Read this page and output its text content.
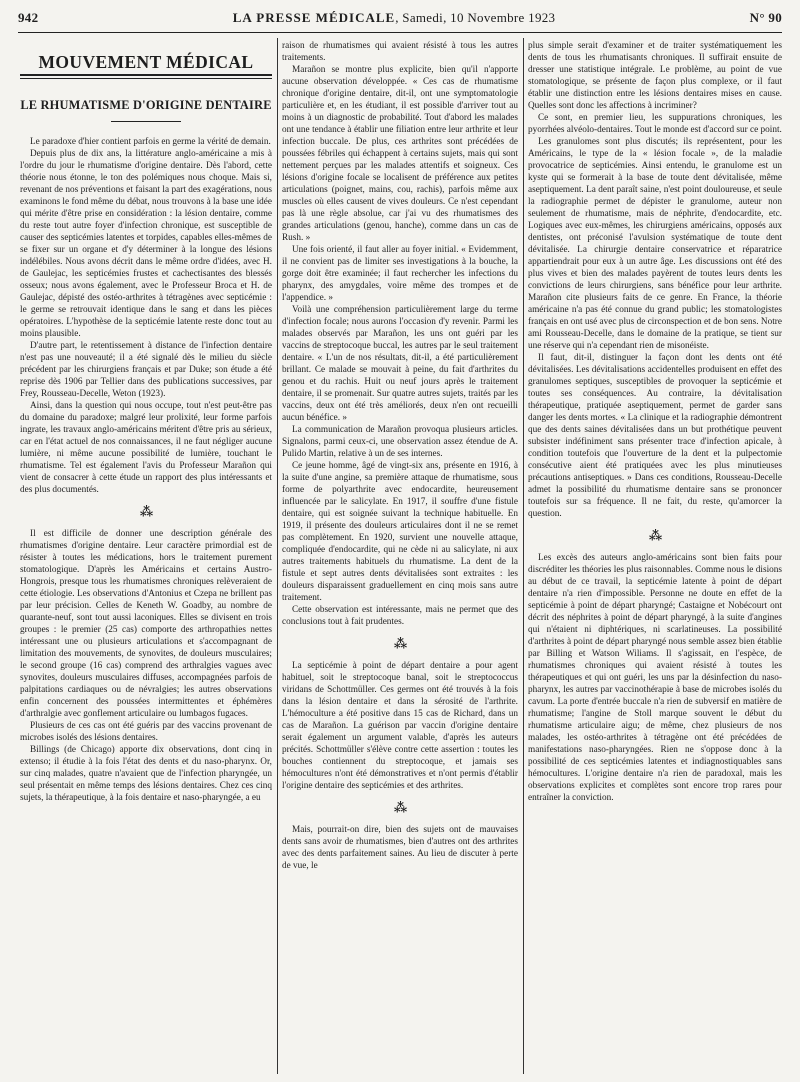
942	LA PRESSE MÉDICALE, Samedi, 10 Novembre 1923	N° 90
MOUVEMENT MÉDICAL
LE RHUMATISME D'ORIGINE DENTAIRE

Le paradoxe d'hier contient parfois en germe la vérité de demain.

Depuis plus de dix ans, la littérature anglo-américaine a mis à l'ordre du jour le rhumatisme d'origine dentaire. Dès l'abord, cette théorie nous étonne, le ton des polémiques nous choque. Mais si, revenant de nos préventions et faisant la part des exagérations, nous examinons le fond même du débat, nous trouvons à la base une idée qui mérite d'être prise en considération : la lésion dentaire, comme du reste tout autre foyer d'infection chronique, est susceptible de causer des septicémies latentes et torpides, capables elles-mêmes de se fixer sur un organe et d'y déterminer à la longue des lésions indélébiles. Nous avons décrit dans le même ordre d'idées, avec H. de Gaulejac, les septicémies frustes et cachectisantes des blessés osseux; nous avons également, avec le Professeur Broca et H. de Gaulejac, dépisté des ostéo-arthrites à tétragènes avec septicémie : le germe se retrouvait identique dans le sang et dans les pièces opératoires. L'hypothèse de la septicémie latente reste donc tout au moins plausible.

D'autre part, le retentissement à distance de l'infection dentaire n'est pas une nouveauté; il a été signalé dès le milieu du siècle précédent par les chirurgiens français et par Duke; son étude a été reprise dès 1906 par Tellier dans des publications successives, par Frey, Rousseau-Decelle, Weton (1923).

Ainsi, dans la question qui nous occupe, tout n'est peut-être pas du domaine du paradoxe; malgré leur prolixité, leur forme parfois ingrate, les travaux anglo-américains méritent d'être pris au sérieux, car en l'état actuel de nos connaissances, il ne faut négliger aucune lumière, ni même aucune possibilité de lumière, touchant le rhumatisme. Tel est également l'avis du Professeur Marañon qui vient de consacrer à cette étude un rapport des plus intéressants et des plus documentés.

⁂

Il est difficile de donner une description générale des rhumatismes d'origine dentaire. Leur caractère primordial est de résister à toutes les médications, hors le traitement purement stomatologique. D'après les Américains et certains Austro-Hongrois, presque tous les rhumatismes chroniques relèveraient de cette étiologie. Les observations d'Antonius et Czepa ne brillent pas par leur précision. Celles de Keneth W. Goadby, au nombre de quarante-neuf, sont tout aussi laconiques. Elles se divisent en trois groupes : le premier (25 cas) comporte des arthropathies nettes intéressant une ou plusieurs articulations et s'accompagnant de limitation des mouvements, de synovites, de douleurs musculaires; le second groupe (16 cas) comprend des arthralgies vagues avec synovites, douleurs musculaires diffuses, accompagnées parfois de palpitations cardiaques ou de névralgies; les autres observations enfin concernent des poussées intermittentes et éphémères d'arthralgie avec gonflement articulaire ou lumbagos fugaces.

Plusieurs de ces cas ont été guéris par des vaccins provenant de microbes isolés des lésions dentaires.

Billings (de Chicago) apporte dix observations, dont cinq in extenso; il étudie à la fois l'état des dents et du naso-pharynx. Or, sur cinq malades, quatre n'avaient que de l'infection pharyngée, un seul présentait en même temps des lésions dentaires. Chez ces cinq sujets, la thérapeutique, à la fois dentaire et naso-pharyngée, a eu

raison de rhumatismes qui avaient résisté à tous les autres traitements.

Marañon se montre plus explicite, bien qu'il n'apporte aucune observation développée. « Ces cas de rhumatisme chronique d'origine dentaire, dit-il, ont une symptomatologie particulière et, en les étudiant, il est possible d'arriver tout au moins à un diagnostic de probabilité. Tout d'abord les malades ont une tendance à établir une filiation entre leur arthrite et leur infection buccale. De plus, ces arthrites sont précédées de poussées fébriles qui échappent à certains sujets, mais qui sont nettement perçues par les malades attentifs et soigneux. Ces lésions d'origine focale se localisent de préférence aux petites articulations (poignet, mains, cou, rachis), parfois même aux muscles où elles causent de vives douleurs. Ce n'est cependant pas là une règle absolue, car j'ai vu des rhumatismes des grandes articulations (genou, hanche), comme dans un cas de Rush. »

Une fois orienté, il faut aller au foyer initial. « Evidemment, il ne convient pas de limiter ses investigations à la bouche, la gorge doit être examinée; il faut rechercher les infections du pharynx, des amygdales, voire même des trompes et de l'appendice. »

Voilà une compréhension particulièrement large du terme d'infection focale; nous aurons l'occasion d'y revenir. Parmi les malades observés par Marañon, les uns ont guéri par les vaccins de streptocoque buccal, les autres par le seul traitement dentaire. « L'un de nos résultats, dit-il, a été particulièrement brillant. Ce malade se mouvait à peine, du fait d'arthrites du genou et du rachis. Huit ou neuf jours après le traitement dentaire, il se promenait. Sur quatre autres sujets, traités par les vaccins, deux ont été très améliorés, deux n'en ont recueilli aucun bénéfice. »

La communication de Marañon provoqua plusieurs articles. Signalons, parmi ceux-ci, une observation assez étendue de A. Pulido Martin, relative à un de ses internes.

Ce jeune homme, âgé de vingt-six ans, présente en 1916, à la suite d'une angine, sa première attaque de rhumatisme, sous forme de polyarthrite avec endocardite, heureusement influencée par le salicylate. En 1917, il souffre d'une fistule dentaire, qui est soignée suivant la technique habituelle. En 1919, il présente des douleurs articulaires dont il ne se remet pas complètement. En 1920, survient une nouvelle attaque, compliquée d'endocardite, qui ne cède ni au salicylate, ni aux autres traitements habituels du rhumatisme. La dent de la fistule et sept autres dents dévitalisées sont extraites : les douleurs disparaissent graduellement en cinq mois sans autre traitement.

Cette observation est intéressante, mais ne permet que des conclusions tout à fait prudentes.

⁂

La septicémie à point de départ dentaire a pour agent habituel, soit le streptocoque banal, soit le streptococcus viridans de Schottmüller. Ces germes ont été trouvés à la fois dans la lésion dentaire et dans la sérosité de l'arthrite. L'hémoculture a été positive dans 15 cas de Richard, dans un cas de Marañon. La guérison par vaccin d'origine dentaire serait également un argument valable, d'après les auteurs précités. Schottmüller s'élève contre cette assertion : toutes les bouches contiennent du streptocoque, et jamais ses hémocultures n'ont été démonstratives et n'ont permis d'établir l'origine dentaire des septicémies et des arthrites.

⁂

Mais, pourrait-on dire, bien des sujets ont de mauvaises dents sans avoir de rhumatismes, bien d'autres ont des arthrites avec des dents parfaitement saines. Au lieu de discuter à perte de vue, le

plus simple serait d'examiner et de traiter systématiquement les dents de tous les rhumatisants chroniques. Il suffirait ensuite de dresser une statistique intégrale. Le problème, au point de vue stomatologique, se présente de façon plus complexe, or il faut établir une distinction entre les lésions dentaires mises en cause. Quelles sont donc les affections à incriminer?

Ce sont, en premier lieu, les suppurations chroniques, les pyorrhées alvéolo-dentaires. Tout le monde est d'accord sur ce point.

Les granulomes sont plus discutés; ils représentent, pour les Américains, le type de la « lésion focale », de la maladie provocatrice de septicémies. Ainsi entendu, le granulome est un kyste qui se formerait à la base de toute dent dévitalisée, même aseptiquement. La dent paraît saine, n'est point douloureuse, et seule la radiographie permet de dépister le granulome, auteur non seulement de rhumatisme, mais de néphrite, d'endocardite, etc. Logiques avec eux-mêmes, les chirurgiens américains, opposés aux dentistes, ont préconisé l'avulsion systématique de toute dent dévitalisée. La chirurgie dentaire conservatrice et réparatrice appartiendrait pour eux à un autre âge. Les discussions ont été des plus vives et bien des malades payèrent de toutes leurs dents les convictions de leurs chirurgiens, sans bénéfice pour leur arthrite. Marañon cite plusieurs faits de ce genre. En France, la théorie américaine n'a pas été connue du grand public; les stomatologistes français en ont usé avec plus de circonspection et de bon sens. Notre ami Rousseau-Decelle, dans le domaine de la pratique, se tient sur une réserve qui n'a cependant rien de misonéiste.

Il faut, dit-il, distinguer la façon dont les dents ont été dévitalisées. Les dévitalisations accidentelles produisent en effet des granulomes septiques, susceptibles de provoquer la septicémie et toutes ses conséquences. Au contraire, la dévitalisation thérapeutique, pratiquée aseptiquement, permet de garder sans danger les dents mortes. « La clinique et la radiographie démontrent que des dents saines dévitalisées dans un but prothétique peuvent subsister indéfiniment sans présenter trace d'infection apicale, à condition toutefois que l'ouverture de la dent et la pulpectomie consécutive aient été pratiquées avec les plus minutieuses précautions antiseptiques. » Dans ces conditions, Rousseau-Decelle admet la possibilité du rhumatisme dentaire sans se prononcer toutefois sur sa fréquence. Il ne fait, du reste, qu'amorcer la question.

⁂

Les excès des auteurs anglo-américains sont bien faits pour discréditer les théories les plus raisonnables. Comme nous le disions au début de ce travail, la septicémie latente à point de départ dentaire n'a rien d'impossible. Personne ne doute en effet de la septicémie à point de départ pharyngé; Castaigne et Nobécourt ont décrit des néphrites à point de départ pharyngé, à la suite d'angines qui n'étaient ni diphtériques, ni scarlatineuses. La possibilité d'arthrites à point de départ pharyngé nous semble assez bien établie par Billing et Watson Wiliams. Il s'agissait, en l'espèce, de rhumatismes chroniques qui avaient résisté à toutes les thérapeutiques et qui ont guéri, les uns par la désinfection du naso-pharynx, les autres par vaccinothérapie à base de microbes isolés du cavum. La porte d'entrée buccale n'a rien de subversif en matière de rhumatisme; l'angine de Stoll marque souvent le début du rhumatisme articulaire aigu; de même, chez plusieurs de nos malades, les ostéo-arthrites à tétragène ont été précédées de manifestations naso-pharyngées. Rien ne s'oppose donc à la possibilité de ces septicémies latentes et indiagnostiquables sans hémocultures. L'origine dentaire n'a rien de paradoxal, mais les observations explicites et complètes sont encore trop rares pour entraîner la conviction.
